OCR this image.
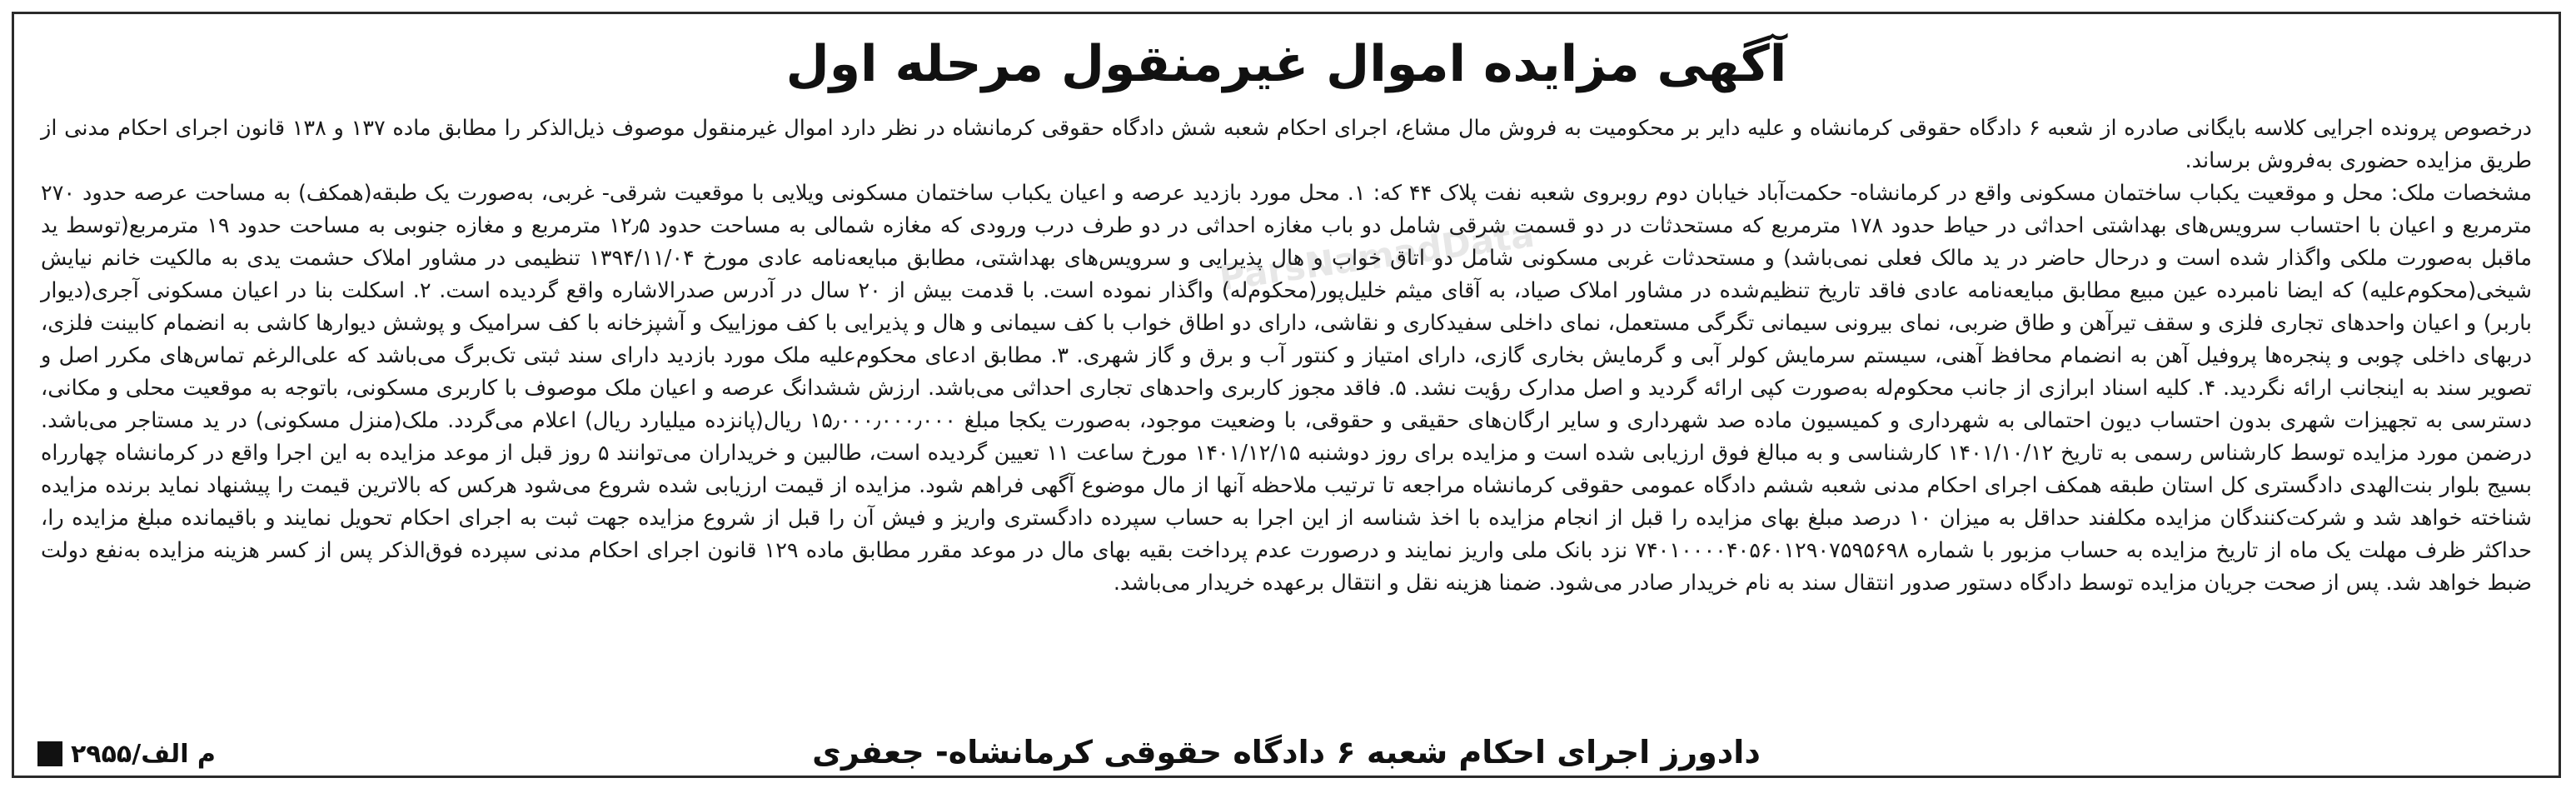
آگهی مزایده اموال غیرمنقول مرحله اول
ParsNamadData

درخصوص پرونده اجرایی کلاسه بایگانی صادره از شعبه ۶ دادگاه حقوقی کرمانشاه و علیه دایر بر محکومیت به فروش مال مشاع، اجرای احکام شعبه شش دادگاه حقوقی کرمانشاه در نظر دارد اموال غیرمنقول موصوف ذیل‌الذکر را مطابق ماده ۱۳۷ و ۱۳۸ قانون اجرای احکام مدنی از طریق مزایده حضوری به‌فروش برساند.

مشخصات ملک: محل و موقعیت یکباب ساختمان مسکونی واقع در کرمانشاه- حکمت‌آباد خیابان دوم روبروی شعبه نفت پلاک ۴۴ که: ۱. محل مورد بازدید عرصه و اعیان یکباب ساختمان مسکونی ویلایی با موقعیت شرقی- غربی، به‌صورت یک طبقه(همکف) به مساحت عرصه حدود ۲۷۰ مترمربع و اعیان با احتساب سرویس‌های بهداشتی احداثی در حیاط حدود ۱۷۸ مترمربع که مستحدثات در دو قسمت شرقی شامل دو باب مغازه احداثی در دو طرف درب ورودی که مغازه شمالی به مساحت حدود ۱۲٫۵ مترمربع و مغازه جنوبی به مساحت حدود ۱۹ مترمربع(توسط ید ماقبل به‌صورت ملکی واگذار شده است و درحال حاضر در ید مالک فعلی نمی‌باشد) و مستحدثات غربی مسکونی شامل دو اتاق خواب و هال پذیرایی و سرویس‌های بهداشتی، مطابق مبایعه‌نامه عادی مورخ ۱۳۹۴/۱۱/۰۴ تنظیمی در مشاور املاک حشمت یدی به مالکیت خانم نیایش شیخی(محکوم‌علیه) که ایضا نامبرده عین مبیع مطابق مبایعه‌نامه عادی فاقد تاریخ تنظیم‌شده در مشاور املاک صیاد، به آقای میثم خلیل‌پور(محکوم‌له) واگذار نموده است. با قدمت بیش از ۲۰ سال در آدرس صدرالاشاره واقع گردیده است. ۲. اسکلت بنا در اعیان مسکونی آجری(دیوار باربر) و اعیان واحدهای تجاری فلزی و سقف تیرآهن و طاق ضربی، نمای بیرونی سیمانی تگرگی مستعمل، نمای داخلی سفیدکاری و نقاشی، دارای دو اطاق خواب با کف سیمانی و هال و پذیرایی با کف موزاییک و آشپزخانه با کف سرامیک و پوشش دیوارها کاشی به انضمام کابینت فلزی، دربهای داخلی چوبی و پنجره‌ها پروفیل آهن به انضمام محافظ آهنی، سیستم سرمایش کولر آبی و گرمایش بخاری گازی، دارای امتیاز و کنتور آب و برق و گاز شهری. ۳. مطابق ادعای محکوم‌علیه ملک مورد بازدید دارای سند ثبتی تک‌برگ می‌باشد که علی‌الرغم تماس‌های مکرر اصل و تصویر سند به اینجانب ارائه نگردید. ۴. کلیه اسناد ابرازی از جانب محکوم‌له به‌صورت کپی ارائه گردید و اصل مدارک رؤیت نشد. ۵. فاقد مجوز کاربری واحدهای تجاری احداثی می‌باشد. ارزش ششدانگ عرصه و اعیان ملک موصوف با کاربری مسکونی، باتوجه به موقعیت محلی و مکانی، دسترسی به تجهیزات شهری بدون احتساب دیون احتمالی به شهرداری و کمیسیون ماده صد شهرداری و سایر ارگان‌های حقیقی و حقوقی، با وضعیت موجود، به‌صورت یکجا مبلغ ۱۵٫۰۰۰٫۰۰۰٫۰۰۰ ریال(پانزده میلیارد ریال) اعلام می‌گردد. ملک(منزل مسکونی) در ید مستاجر می‌باشد. درضمن مورد مزایده توسط کارشناس رسمی به تاریخ ۱۴۰۱/۱۰/۱۲ کارشناسی و به مبالغ فوق ارزیابی شده است و مزایده برای روز دوشنبه ۱۴۰۱/۱۲/۱۵ مورخ ساعت ۱۱ تعیین گردیده است، طالبین و خریداران می‌توانند ۵ روز قبل از موعد مزایده به این اجرا واقع در کرمانشاه چهارراه بسیج بلوار بنت‌الهدی دادگستری کل استان طبقه همکف اجرای احکام مدنی شعبه ششم دادگاه عمومی حقوقی کرمانشاه مراجعه تا ترتیب ملاحظه آنها از مال موضوع آگهی فراهم شود. مزایده از قیمت ارزیابی شده شروع می‌شود هرکس که بالاترین قیمت را پیشنهاد نماید برنده مزایده شناخته خواهد شد و شرکت‌کنندگان مزایده مکلفند حداقل به میزان ۱۰ درصد مبلغ بهای مزایده را قبل از انجام مزایده با اخذ شناسه از این اجرا به حساب سپرده دادگستری واریز و فیش آن را قبل از شروع مزایده جهت ثبت به اجرای احکام تحویل نمایند و باقیمانده مبلغ مزایده را، حداکثر ظرف مهلت یک ماه از تاریخ مزایده به حساب مزبور با شماره ۷۴۰۱۰۰۰۰۴۰۵۶۰۱۲۹۰۷۵۹۵۶۹۸ نزد بانک ملی واریز نمایند و درصورت عدم پرداخت بقیه بهای مال در موعد مقرر مطابق ماده ۱۲۹ قانون اجرای احکام مدنی سپرده فوق‌الذکر پس از کسر هزینه مزایده به‌نفع دولت ضبط خواهد شد. پس از صحت جریان مزایده توسط دادگاه دستور صدور انتقال سند به نام خریدار صادر می‌شود. ضمنا هزینه نقل و انتقال برعهده خریدار می‌باشد.

دادورز اجرای احکام شعبه ۶ دادگاه حقوقی کرمانشاه- جعفری
م الف/۲۹۵۵
